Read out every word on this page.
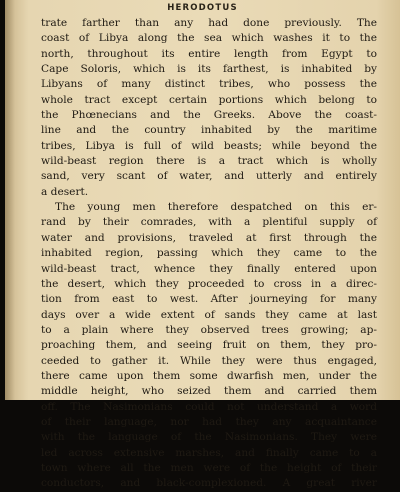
HERODOTUS

trate farther than any had done previously. The
coast of Libya along the sea which washes it to the
north, throughout its entire length from Egypt to
Cape Soloris, which is its farthest, is inhabited by
Libyans of many distinct tribes, who possess the
whole tract except certain portions which belong to
the Phœnecians and the Greeks. Above the coast-
line and the country inhabited by the maritime
tribes, Libya is full of wild beasts; while beyond the
wild-beast region there is a tract which is wholly
sand, very scant of water, and utterly and entirely
a desert.

The young men therefore despatched on this er-
rand by their comrades, with a plentiful supply of
water and provisions, traveled at first through the
inhabited region, passing which they came to the
wild-beast tract, whence they finally entered upon
the desert, which they proceeded to cross in a direc-
tion from east to west. After journeying for many
days over a wide extent of sands they came at last
to a plain where they observed trees growing; ap-
proaching them, and seeing fruit on them, they pro-
ceeded to gather it. While they were thus engaged,
there came upon them some dwarfish men, under the
middle height, who seized them and carried them
off. The Nasimonians could not understand a word
of their language, nor had they any acquaintance
with the language of the Nasimonians. They were
led across extensive marshes, and finally came to a
town where all the men were of the height of their
conductors, and black-complexioned. A great river
